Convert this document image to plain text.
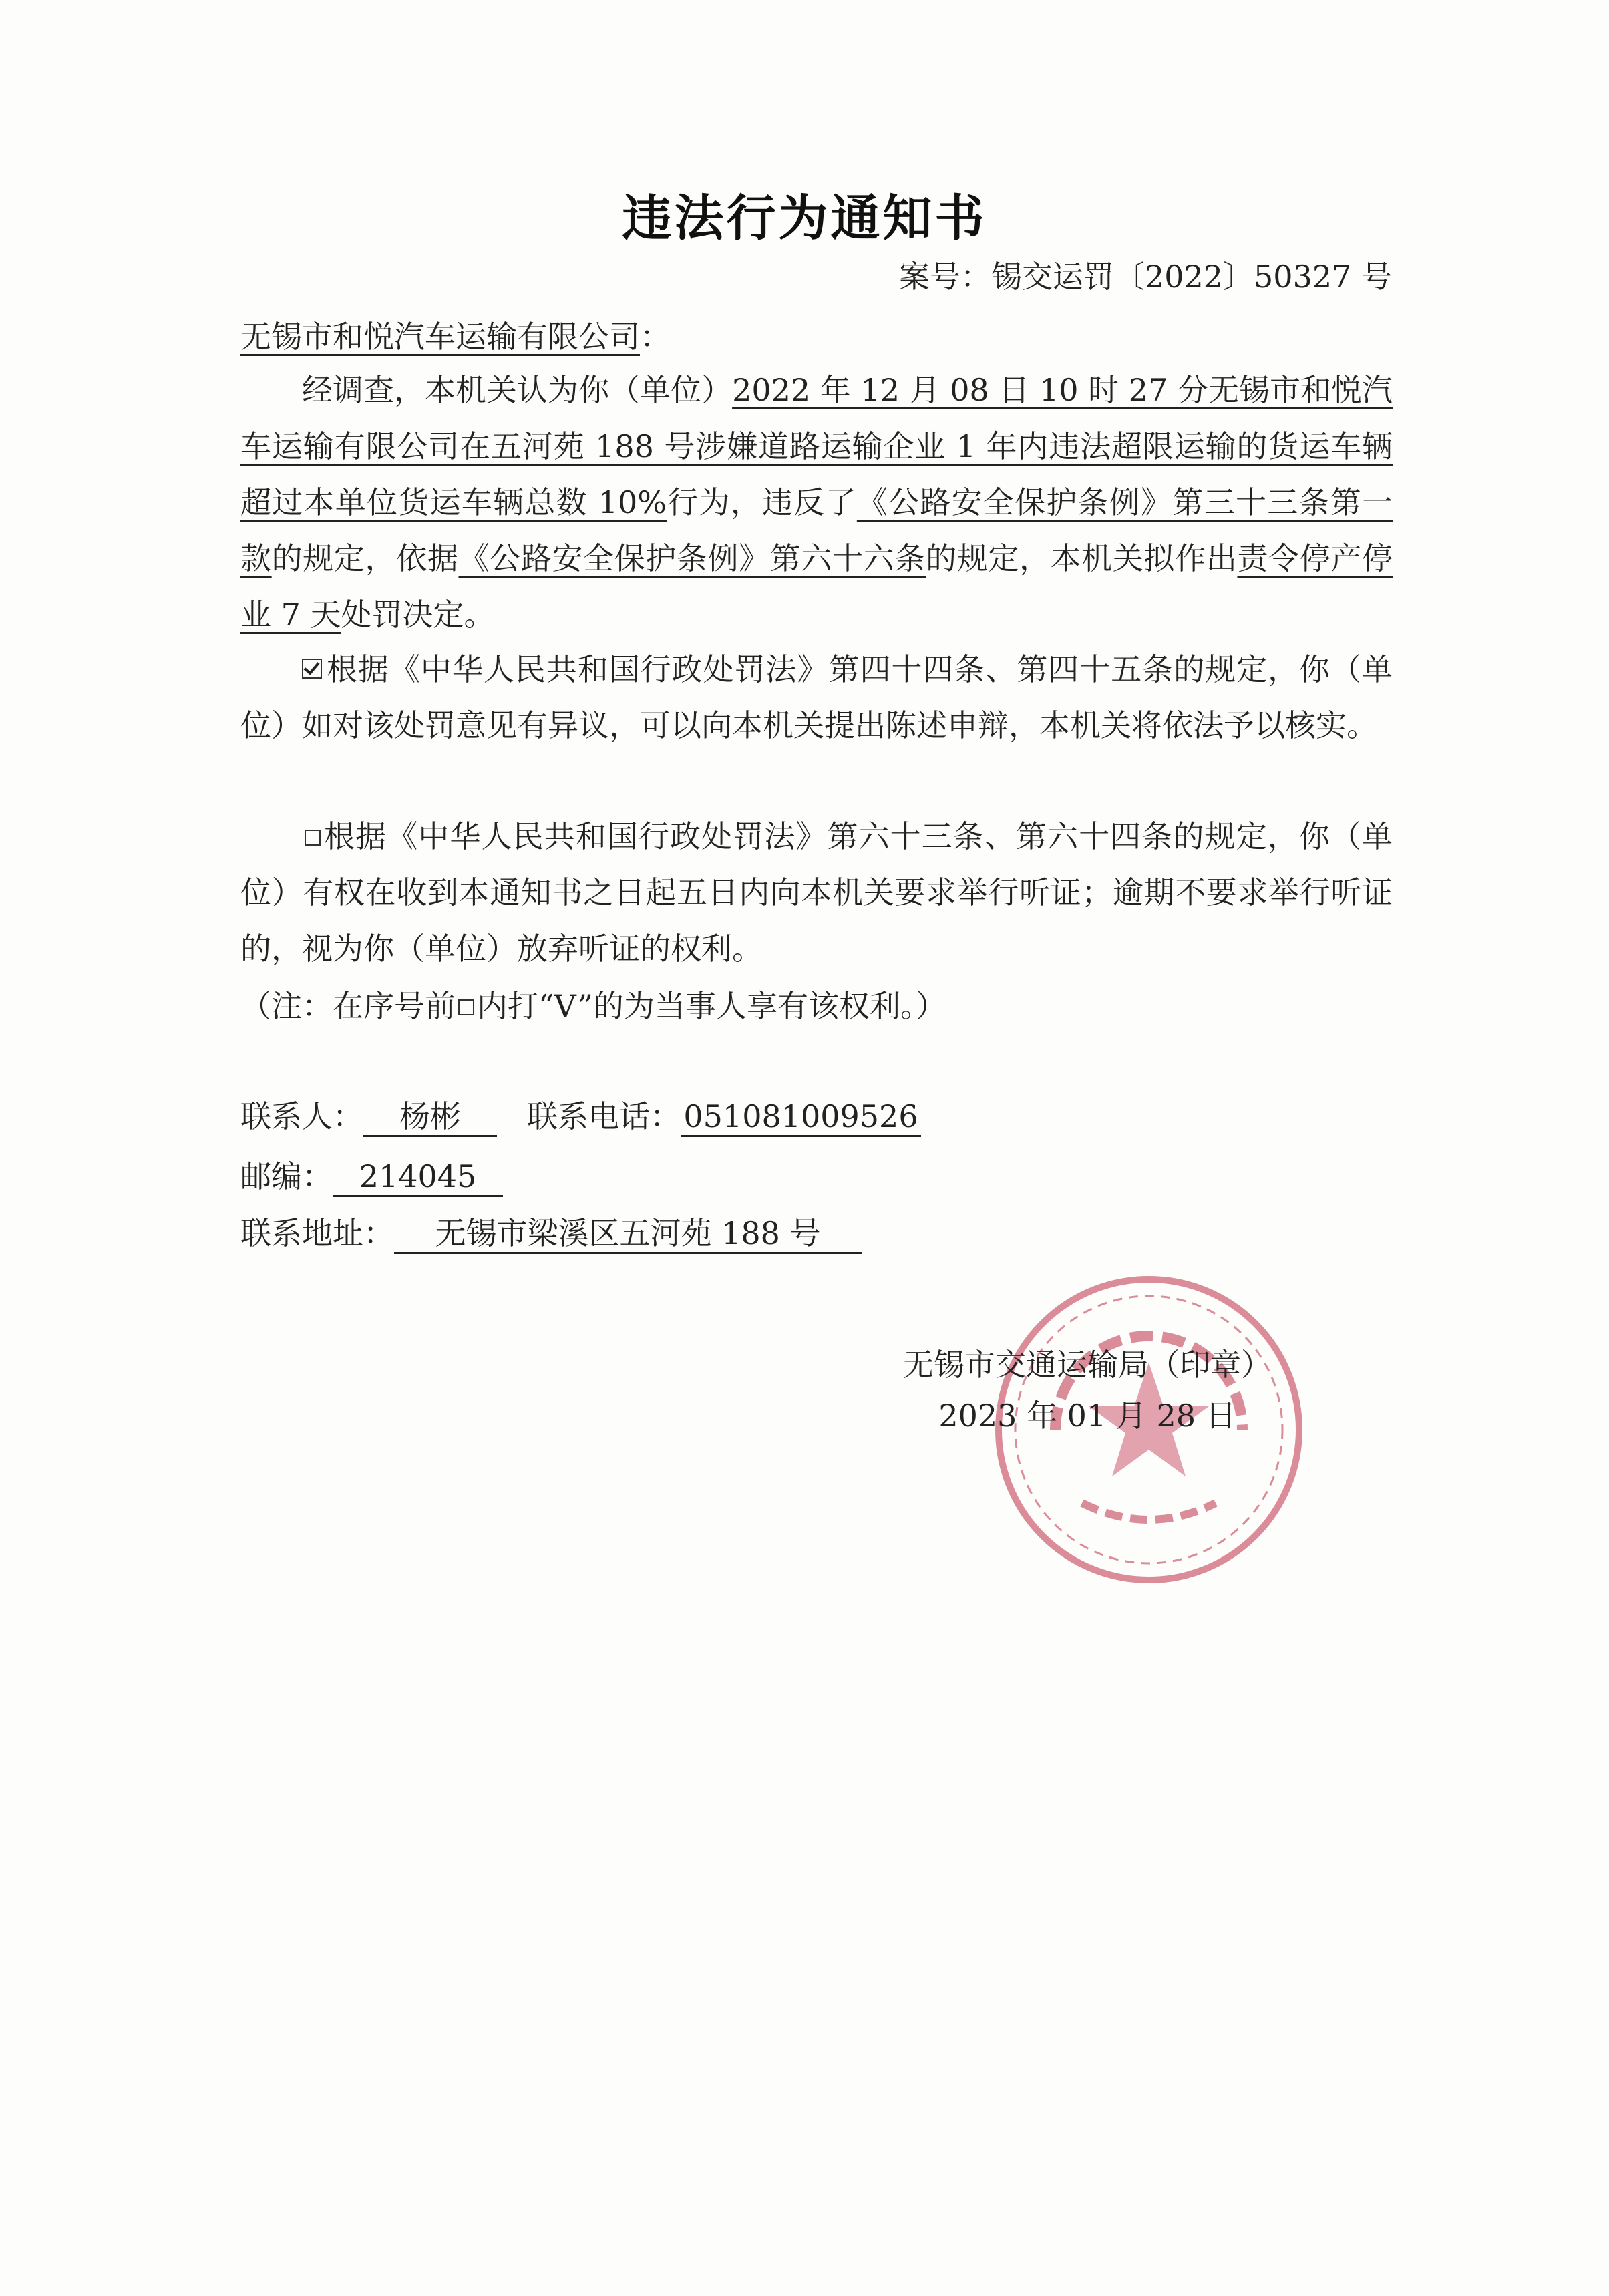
违法行为通知书
案号：锡交运罚〔2022〕50327 号
无锡市和悦汽车运输有限公司：
经调查，本机关认为你（单位）2022 年 12 月 08 日 10 时 27 分无锡市和悦汽车运输有限公司在五河苑 188 号涉嫌道路运输企业 1 年内违法超限运输的货运车辆超过本单位货运车辆总数 10%行为，违反了《公路安全保护条例》第三十三条第一款的规定，依据《公路安全保护条例》第六十六条的规定，本机关拟作出责令停产停业 7 天处罚决定。
根据《中华人民共和国行政处罚法》第四十四条、第四十五条的规定，你（单位）如对该处罚意见有异议，可以向本机关提出陈述申辩，本机关将依法予以核实。
根据《中华人民共和国行政处罚法》第六十三条、第六十四条的规定，你（单位）有权在收到本通知书之日起五日内向本机关要求举行听证；逾期不要求举行听证的，视为你（单位）放弃听证的权利。
（注：在序号前 内打“V”的为当事人享有该权利。）
联系人： 杨彬 联系电话：051081009526
邮编： 214045
联系地址： 无锡市梁溪区五河苑 188 号
无锡市交通运输局（印章）
2023 年 01 月 28 日
